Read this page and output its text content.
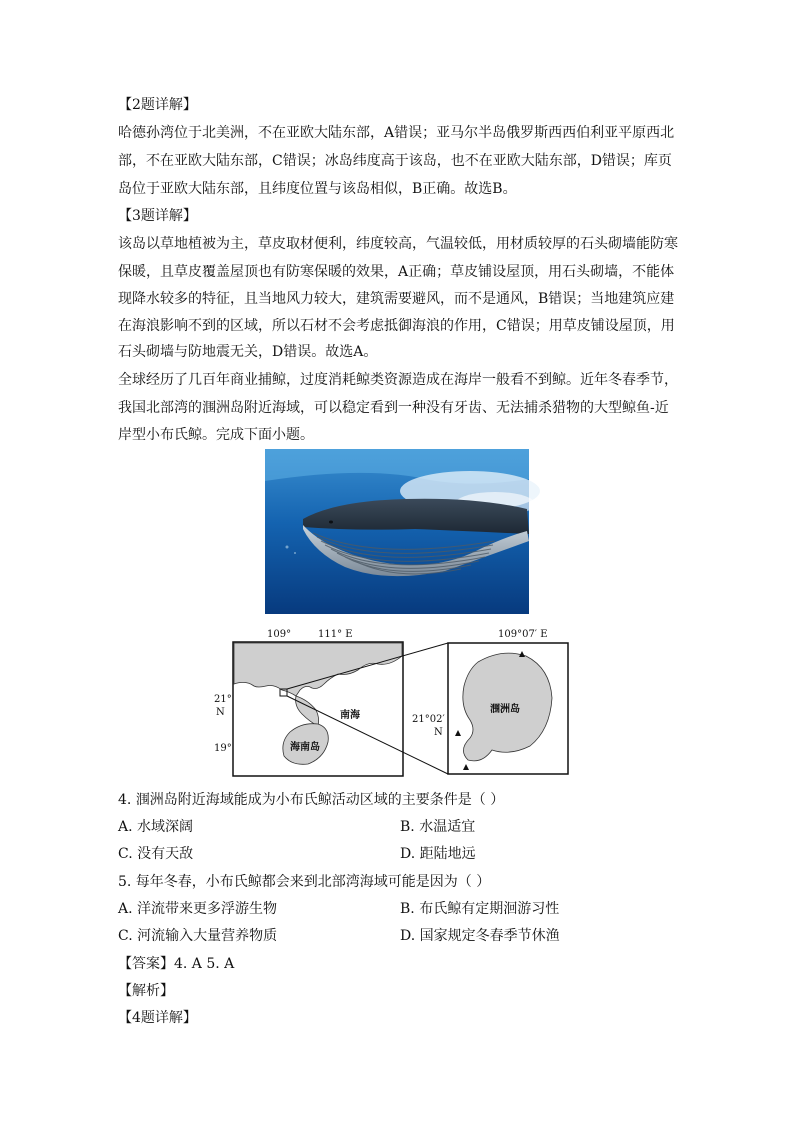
【2题详解】
哈德孙湾位于北美洲，不在亚欧大陆东部，A错误；亚马尔半岛俄罗斯西西伯利亚平原西北
部，不在亚欧大陆东部，C错误；冰岛纬度高于该岛，也不在亚欧大陆东部，D错误；库页
岛位于亚欧大陆东部，且纬度位置与该岛相似，B正确。故选B。
【3题详解】
该岛以草地植被为主，草皮取材便利，纬度较高，气温较低，用材质较厚的石头砌墙能防寒
保暖，且草皮覆盖屋顶也有防寒保暖的效果，A正确；草皮铺设屋顶，用石头砌墙，不能体
现降水较多的特征，且当地风力较大，建筑需要避风，而不是通风，B错误；当地建筑应建
在海浪影响不到的区域，所以石材不会考虑抵御海浪的作用，C错误；用草皮铺设屋顶，用
石头砌墙与防地震无关，D错误。故选A。
全球经历了几百年商业捕鲸，过度消耗鲸类资源造成在海岸一般看不到鲸。近年冬春季节，
我国北部湾的涠洲岛附近海域，可以稳定看到一种没有牙齿、无法捕杀猎物的大型鲸鱼-近
岸型小布氏鲸。完成下面小题。
109°	111° E
21°
N
19°
南海
海南岛
109°07′ E
21°02′
N
涠洲岛
4. 涠洲岛附近海域能成为小布氏鲸活动区域的主要条件是（ ）
A. 水域深阔	B. 水温适宜
C. 没有天敌	D. 距陆地远
5. 每年冬春，小布氏鲸都会来到北部湾海域可能是因为（ ）
A. 洋流带来更多浮游生物	B. 布氏鲸有定期洄游习性
C. 河流输入大量营养物质	D. 国家规定冬春季节休渔
【答案】4. A 5. A
【解析】
【4题详解】
